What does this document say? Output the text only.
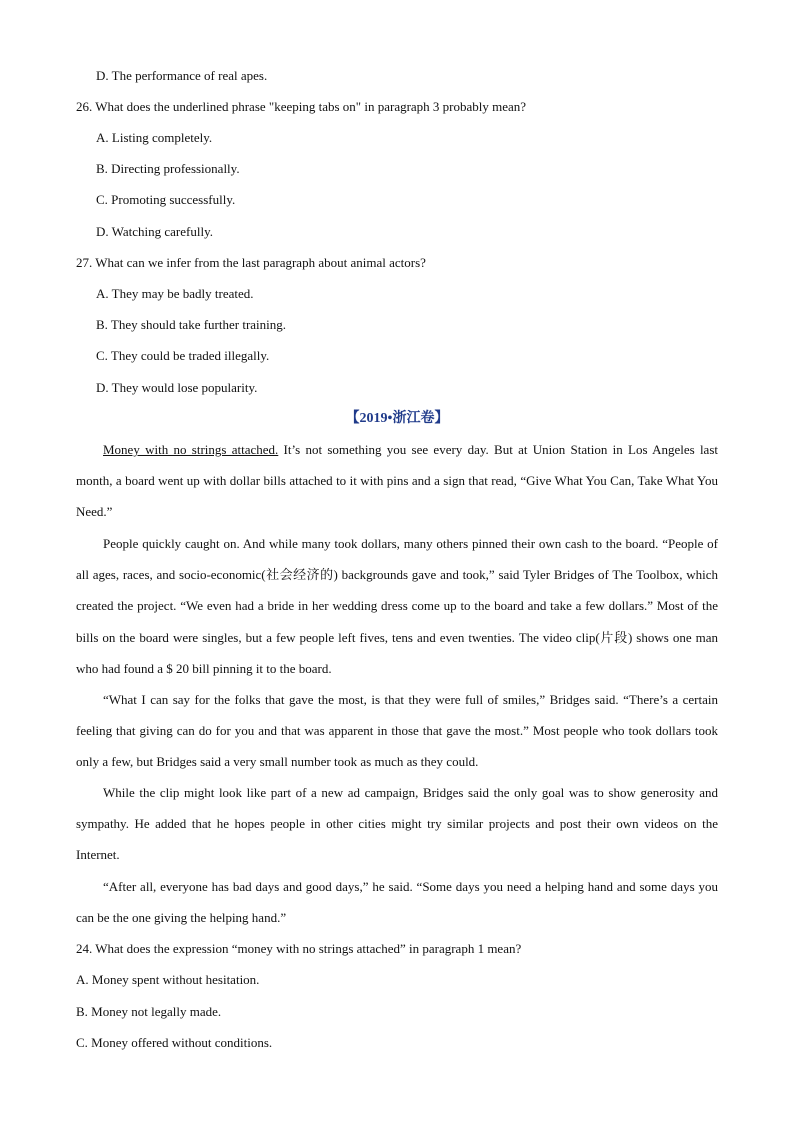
D. The performance of real apes.
26. What does the underlined phrase "keeping tabs on" in paragraph 3 probably mean?
A. Listing completely.
B. Directing professionally.
C. Promoting successfully.
D. Watching carefully.
27. What can we infer from the last paragraph about animal actors?
A. They may be badly treated.
B. They should take further training.
C. They could be traded illegally.
D. They would lose popularity.
【2019•浙江卷】

Money with no strings attached. It’s not something you see every day. But at Union Station in Los Angeles last month, a board went up with dollar bills attached to it with pins and a sign that read, “Give What You Can, Take What You Need.”

People quickly caught on. And while many took dollars, many others pinned their own cash to the board. “People of all ages, races, and socio-economic(社会经济的) backgrounds gave and took,” said Tyler Bridges of The Toolbox, which created the project. “We even had a bride in her wedding dress come up to the board and take a few dollars.” Most of the bills on the board were singles, but a few people left fives, tens and even twenties. The video clip(片段) shows one man who had found a $ 20 bill pinning it to the board.

“What I can say for the folks that gave the most, is that they were full of smiles,” Bridges said. “There’s a certain feeling that giving can do for you and that was apparent in those that gave the most.” Most people who took dollars took only a few, but Bridges said a very small number took as much as they could.

While the clip might look like part of a new ad campaign, Bridges said the only goal was to show generosity and sympathy. He added that he hopes people in other cities might try similar projects and post their own videos on the Internet.

“After all, everyone has bad days and good days,” he said. “Some days you need a helping hand and some days you can be the one giving the helping hand.”

24. What does the expression “money with no strings attached” in paragraph 1 mean?
A. Money spent without hesitation.
B. Money not legally made.
C. Money offered without conditions.
